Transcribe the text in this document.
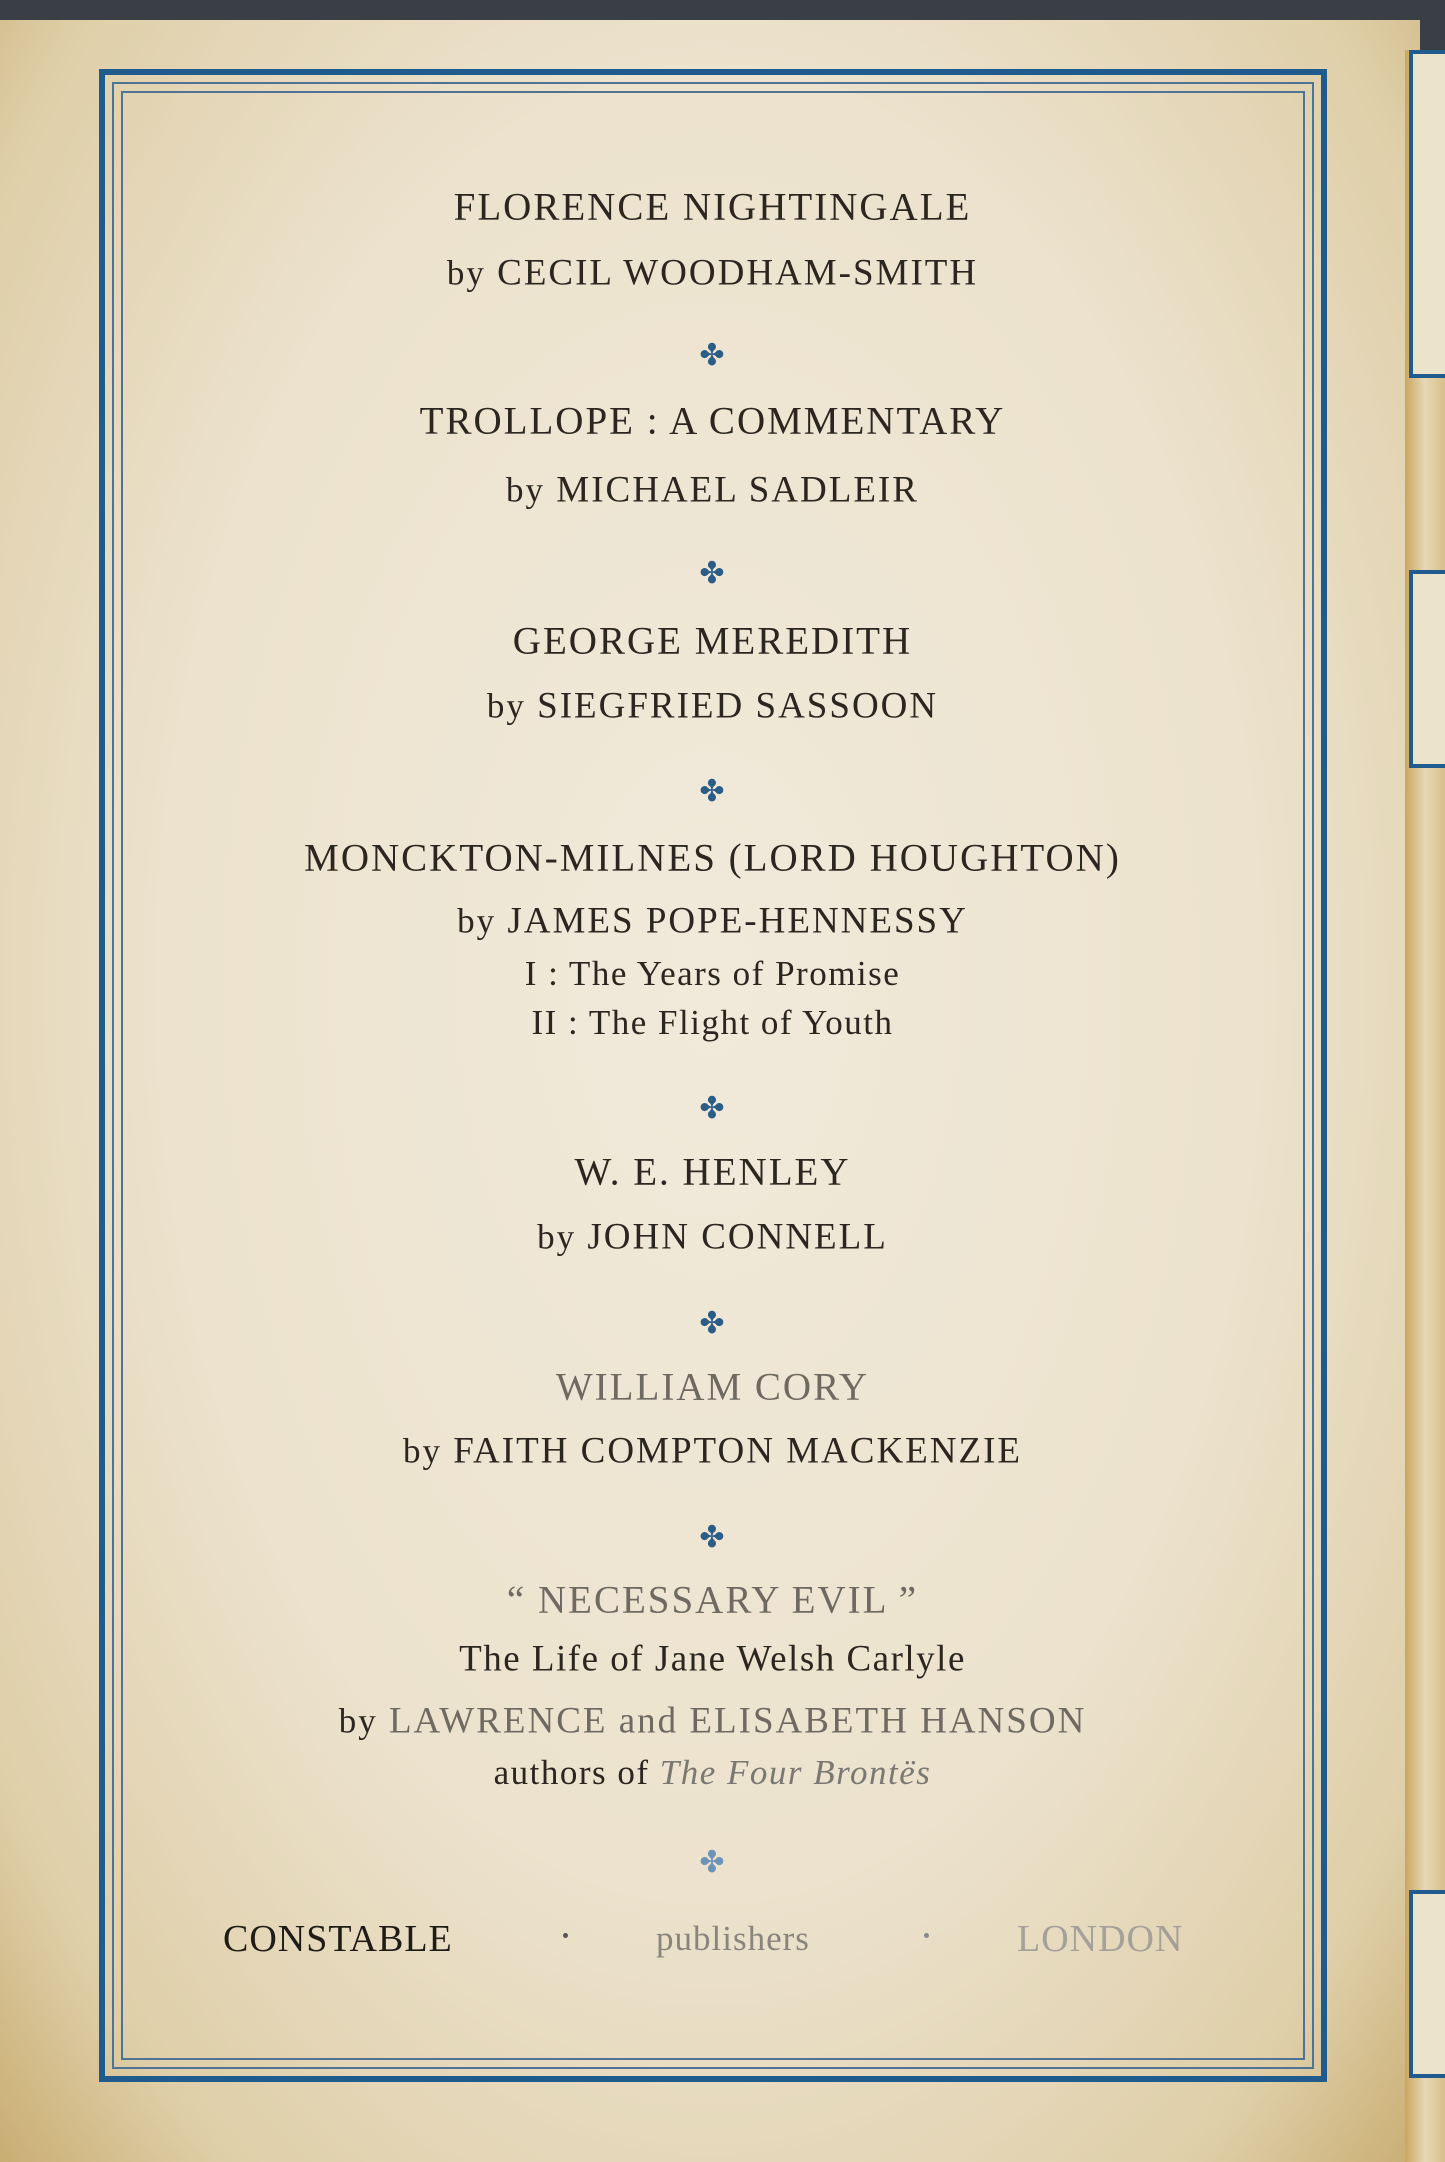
FLORENCE NIGHTINGALE
by CECIL WOODHAM-SMITH
✤
TROLLOPE : A COMMENTARY
by MICHAEL SADLEIR
✤
GEORGE MEREDITH
by SIEGFRIED SASSOON
✤
MONCKTON-MILNES (LORD HOUGHTON)
by JAMES POPE-HENNESSY
I : The Years of Promise
II : The Flight of Youth
✤
W. E. HENLEY
by JOHN CONNELL
✤
WILLIAM CORY
by FAITH COMPTON MACKENZIE
✤
“ NECESSARY EVIL ”
The Life of Jane Welsh Carlyle
by LAWRENCE and ELISABETH HANSON
authors of The Four Brontës
✤
CONSTABLE	publishers	LONDON
